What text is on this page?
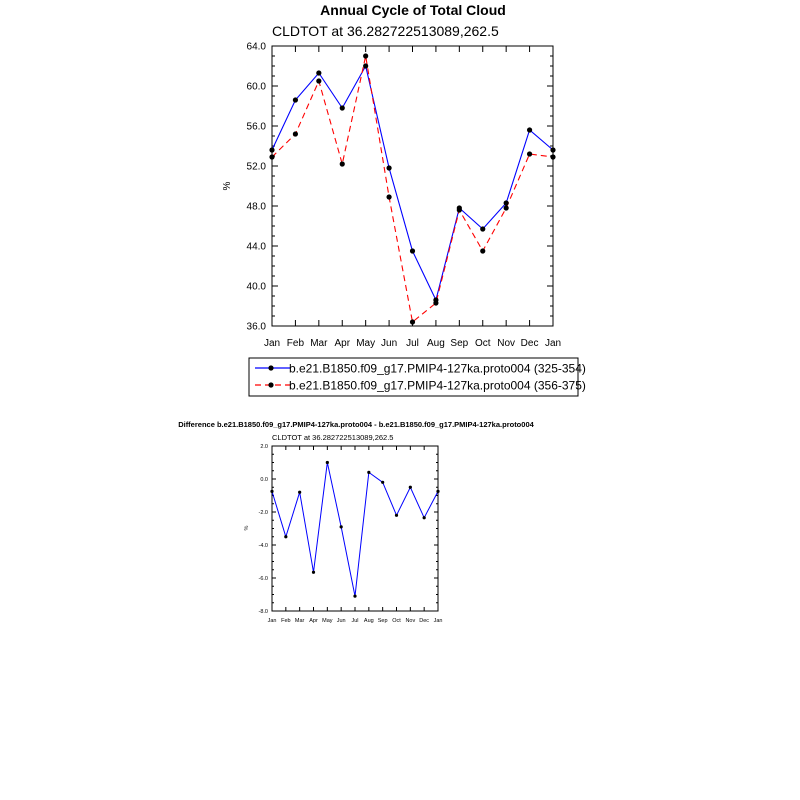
Annual Cycle of Total Cloud
CLDTOT at 36.282722513089,262.5
%
Jan Feb Mar Apr May Jun Jul Aug Sep Oct Nov Dec Jan
36.0
40.0
44.0
48.0
52.0
56.0
60.0
64.0
b.e21.B1850.f09_g17.PMIP4-127ka.proto004 (325-354)
b.e21.B1850.f09_g17.PMIP4-127ka.proto004 (356-375)
Difference b.e21.B1850.f09_g17.PMIP4-127ka.proto004 - b.e21.B1850.f09_g17.PMIP4-127ka.proto004
CLDTOT at 36.282722513089,262.5
%
Jan Feb Mar Apr May Jun Jul Aug Sep Oct Nov Dec Jan
-8.0
-6.0
-4.0
-2.0
0.0
2.0
